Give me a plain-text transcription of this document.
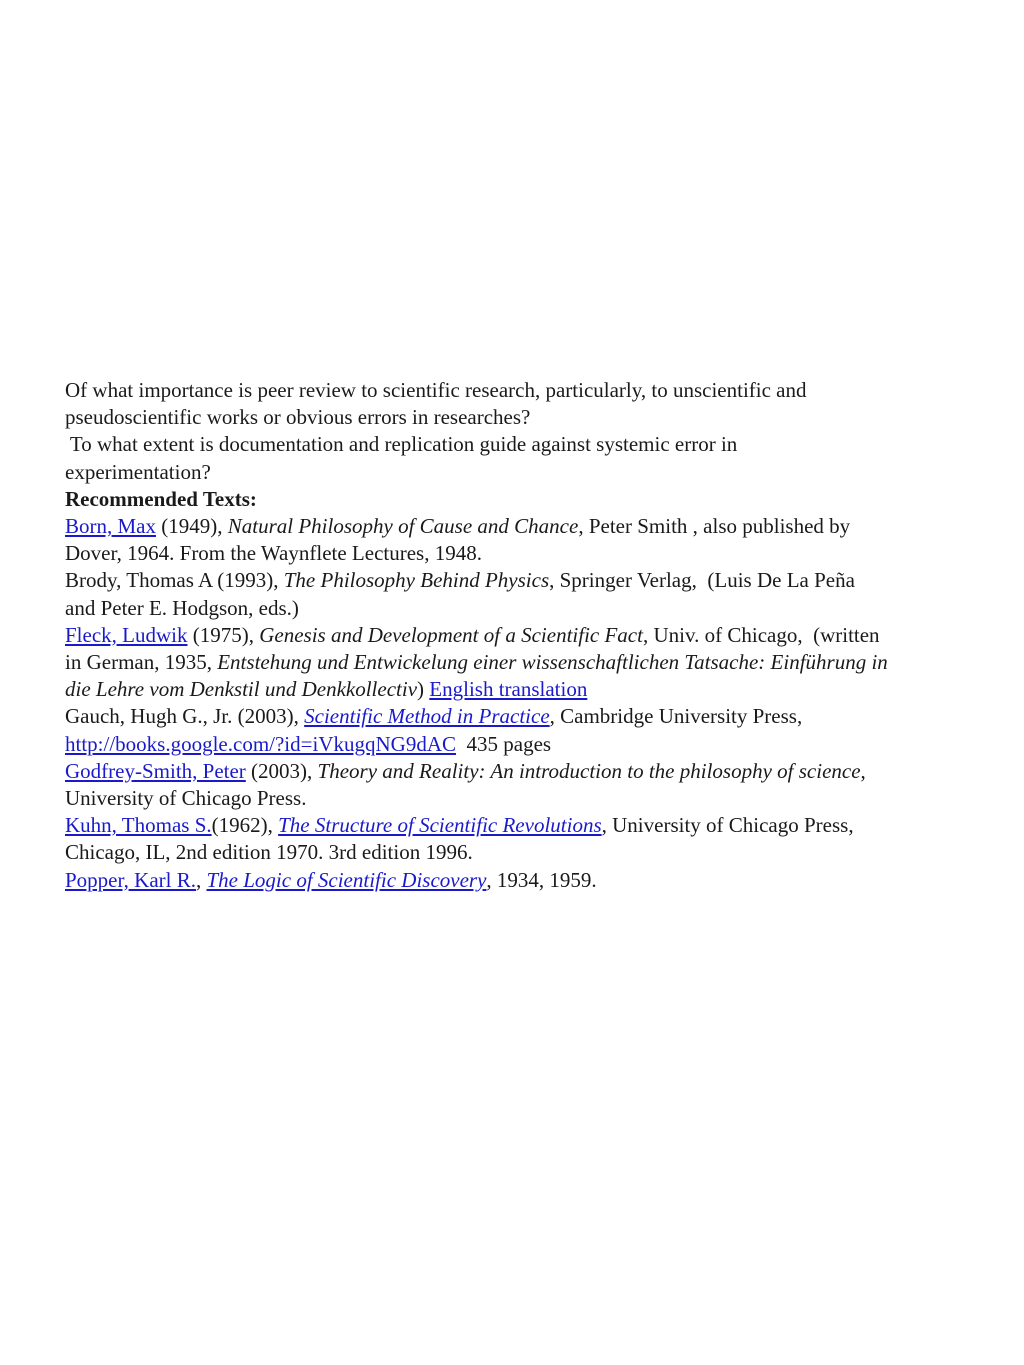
Of what importance is peer review to scientific research, particularly, to unscientific and
pseudoscientific works or obvious errors in researches?
To what extent is documentation and replication guide against systemic error in
experimentation?
Recommended Texts:
Born, Max (1949), Natural Philosophy of Cause and Chance, Peter Smith , also published by
Dover, 1964. From the Waynflete Lectures, 1948.
Brody, Thomas A (1993), The Philosophy Behind Physics, Springer Verlag,  (Luis De La Peña
and Peter E. Hodgson, eds.)
Fleck, Ludwik (1975), Genesis and Development of a Scientific Fact, Univ. of Chicago,  (written
in German, 1935, Entstehung und Entwickelung einer wissenschaftlichen Tatsache: Einführung in
die Lehre vom Denkstil und Denkkollectiv) English translation
Gauch, Hugh G., Jr. (2003), Scientific Method in Practice, Cambridge University Press,
http://books.google.com/?id=iVkugqNG9dAC  435 pages
Godfrey-Smith, Peter (2003), Theory and Reality: An introduction to the philosophy of science,
University of Chicago Press.
Kuhn, Thomas S.(1962), The Structure of Scientific Revolutions, University of Chicago Press,
Chicago, IL, 2nd edition 1970. 3rd edition 1996.
Popper, Karl R., The Logic of Scientific Discovery, 1934, 1959.
